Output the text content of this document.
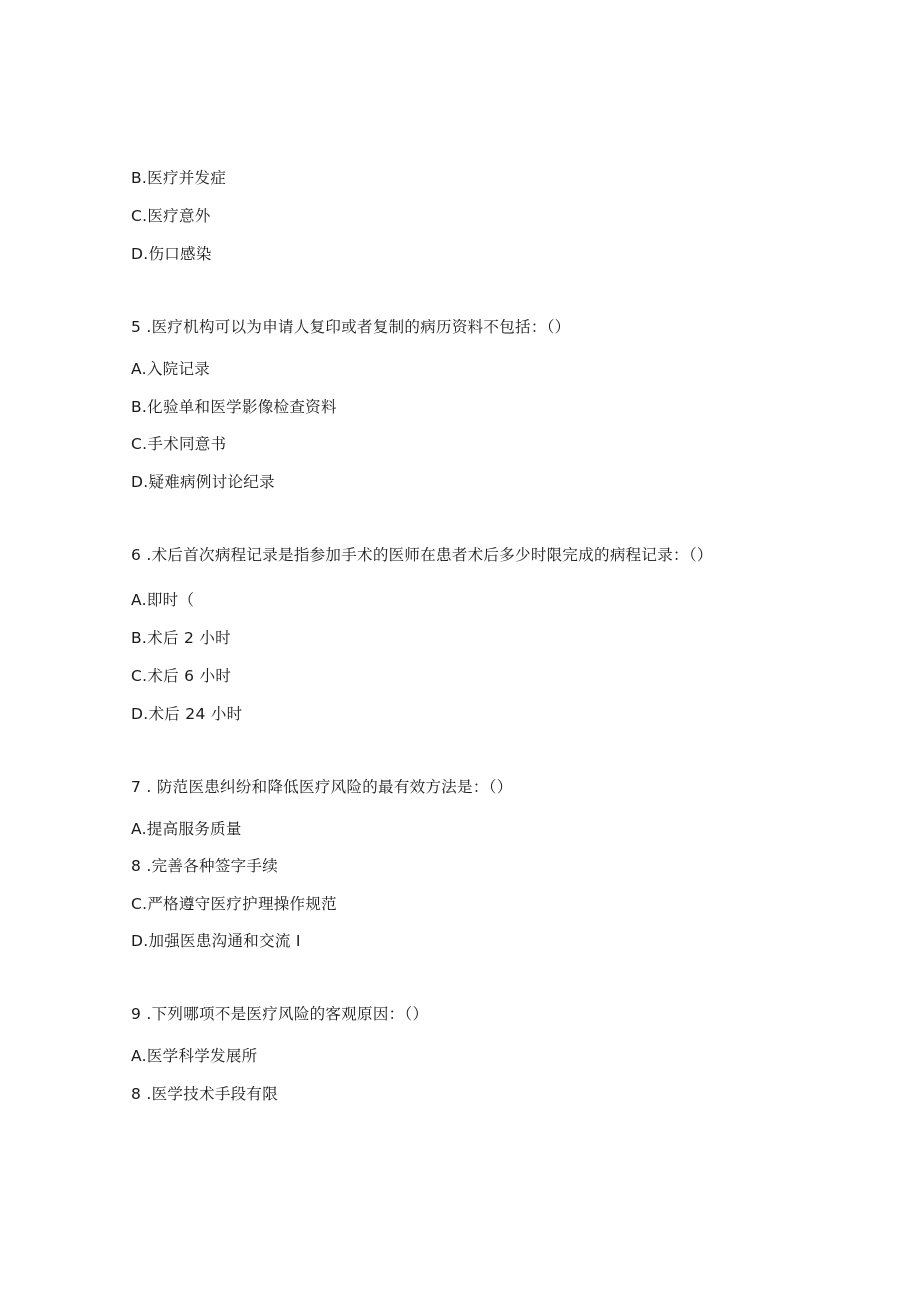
B.医疗并发症
C.医疗意外
D.伤口感染
5 .医疗机构可以为申请人复印或者复制的病历资料不包括：（）
A.入院记录
B.化验单和医学影像检查资料
C.手术同意书
D.疑难病例讨论纪录
6 .术后首次病程记录是指参加手术的医师在患者术后多少时限完成的病程记录：（）
A.即时（
B.术后 2 小时
C.术后 6 小时
D.术后 24 小时
7 . 防范医患纠纷和降低医疗风险的最有效方法是：（）
A.提高服务质量
8 .完善各种签字手续
C.严格遵守医疗护理操作规范
D.加强医患沟通和交流 I
9 .下列哪项不是医疗风险的客观原因：（）
A.医学科学发展所
8 .医学技术手段有限
